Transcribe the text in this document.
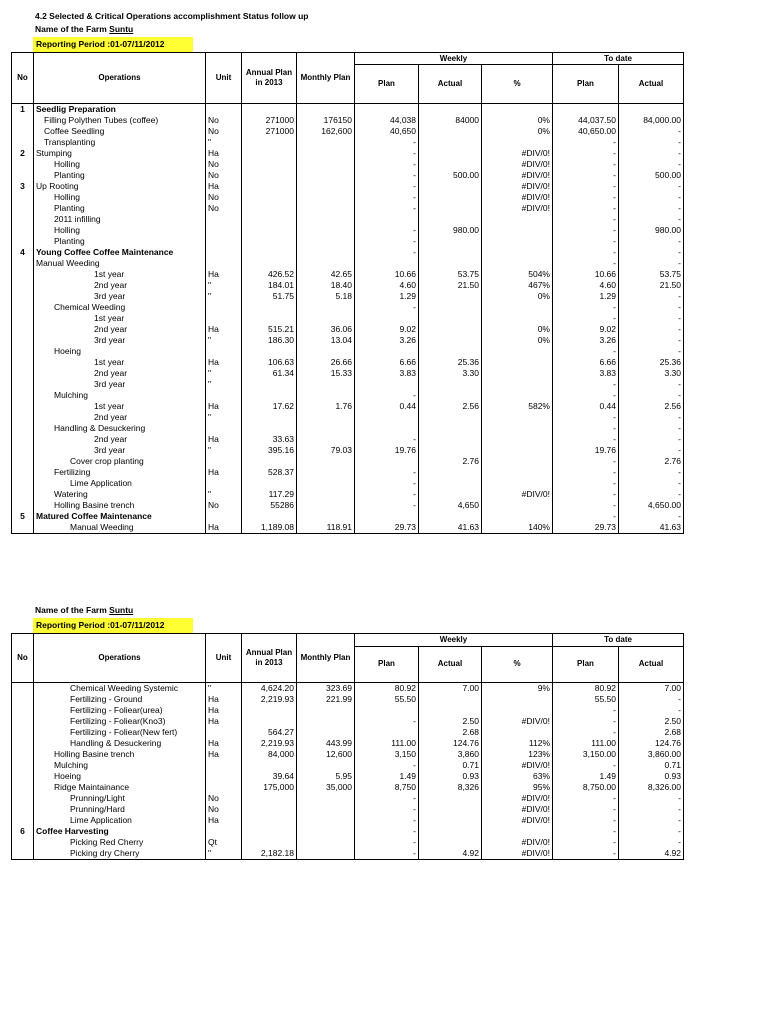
4.2 Selected & Critical Operations accomplishment Status follow up
Name of the Farm Suntu
Reporting Period :01-07/11/2012
No	Operations	Unit	Annual Plan in 2013	Monthly Plan	Weekly			To date	
					Plan	Actual	%	Plan	Actual
1	Seedlig Preparation								
	Filling Polythen Tubes (coffee)	No	271000	176150	44,038	84000	0%	44,037.50	84,000.00
	Coffee Seedling	No	271000	162,600	40,650		0%	40,650.00	-
	Transplanting	"			-			-	-
2	Stumping	Ha			-		#DIV/0!	-	-
	Holling	No			-		#DIV/0!	-	-
	Planting	No			-	500.00	#DIV/0!	-	500.00
3	Up Rooting	Ha			-		#DIV/0!	-	-
	Holling	No			-		#DIV/0!	-	-
	Planting	No			-		#DIV/0!	-	-
	2011 infilling							-	-
	Holling				-	980.00		-	980.00
	Planting				-			-	-
4	Young Coffee Coffee Maintenance				-			-	-
	Manual Weeding							-	-
	1st year	Ha	426.52	42.65	10.66	53.75	504%	10.66	53.75
	2nd year	"	184.01	18.40	4.60	21.50	467%	4.60	21.50
	3rd year	"	51.75	5.18	1.29		0%	1.29	-
	Chemical Weeding				-			-	-
	1st year							-	-
	2nd year	Ha	515.21	36.06	9.02		0%	9.02	-
	3rd year	"	186.30	13.04	3.26		0%	3.26	-
	Hoeing							-	-
	1st year	Ha	106.63	26.66	6.66	25.36		6.66	25.36
	2nd year	"	61.34	15.33	3.83	3.30		3.83	3.30
	3rd year	"						-	-
	Mulching				-			-	-
	1st year	Ha	17.62	1.76	0.44	2.56	582%	0.44	2.56
	2nd year	"						-	-
	Handling & Desuckering							-	-
	2nd year	Ha	33.63		-			-	-
	3rd year	"	395.16	79.03	19.76			19.76	-
	Cover crop planting					2.76		-	2.76
	Fertilizing	Ha	528.37		-			-	-
	Lime Application				-			-	-
	Watering	"	117.29		-		#DIV/0!	-	-
	Holling Basine trench	No	55286		-	4,650		-	4,650.00
5	Matured Coffee Maintenance							-	-
	Manual Weeding	Ha	1,189.08	118.91	29.73	41.63	140%	29.73	41.63
Name of the Farm Suntu
Reporting Period :01-07/11/2012
No	Operations	Unit	Annual Plan in 2013	Monthly Plan	Weekly			To date	
					Plan	Actual	%	Plan	Actual
	Chemical Weeding Systemic	"	4,624.20	323.69	80.92	7.00	9%	80.92	7.00
	Fertilizing - Ground	Ha	2,219.93	221.99	55.50			55.50	-
	Fertilizing - Foliear(urea)	Ha						-	-
	Fertilizing - Foliear(Kno3)	Ha			-	2.50	#DIV/0!	-	2.50
	Fertilizing - Foliear(New fert)		564.27			2.68		-	2.68
	Handling & Desuckering	Ha	2,219.93	443.99	111.00	124.76	112%	111.00	124.76
	Holling Basine trench	Ha	84,000	12,600	3,150	3,860	123%	3,150.00	3,860.00
	Mulching				-	0.71	#DIV/0!	-	0.71
	Hoeing		39.64	5.95	1.49	0.93	63%	1.49	0.93
	Ridge Maintainance		175,000	35,000	8,750	8,326	95%	8,750.00	8,326.00
	Prunning/Light	No			-		#DIV/0!	-	-
	Prunning/Hard	No			-		#DIV/0!	-	-
	Lime Application	Ha			-		#DIV/0!	-	-
6	Coffee Harvesting				-			-	-
	Picking Red Cherry	Qt			-		#DIV/0!	-	-
	Picking dry Cherry	"	2,182.18		-	4.92	#DIV/0!	-	4.92
